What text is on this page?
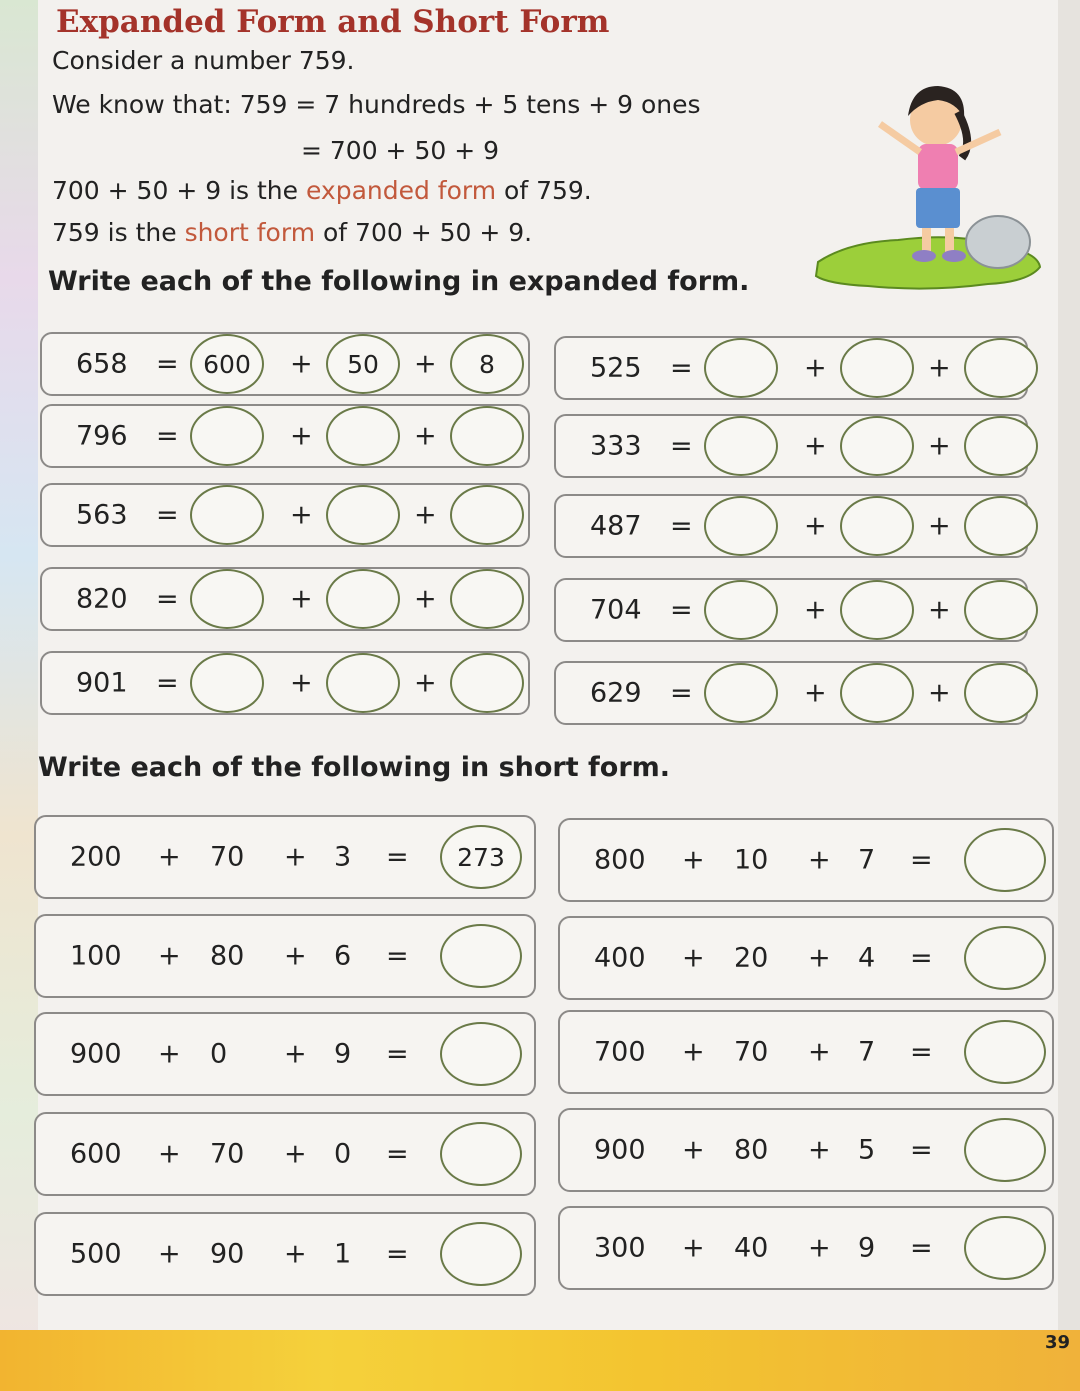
Expanded Form and Short Form
Consider a number 759.
We know that: 759 = 7 hundreds + 5 tens + 9 ones
= 700 + 50 + 9
700 + 50 + 9 is the expanded form of 759.
759 is the short form of 700 + 50 + 9.
Write each of the following in expanded form.
658 = 600	+	50	+	8
796 =	+	+
563 =	+	+
820 =	+	+
901 =	+	+
525 =	+	+
333 =	+	+
487 =	+	+
704 =	+	+
629 =	+	+
Write each of the following in short form.
200 + 70 + 3 =	273
100 + 80 + 6 =
900 + 0 + 9 =
600 + 70 + 0 =
500 + 90 + 1 =
800 + 10 + 7 =
400 + 20 + 4 =
700 + 70 + 7 =
900 + 80 + 5 =
300 + 40 + 9 =
39
